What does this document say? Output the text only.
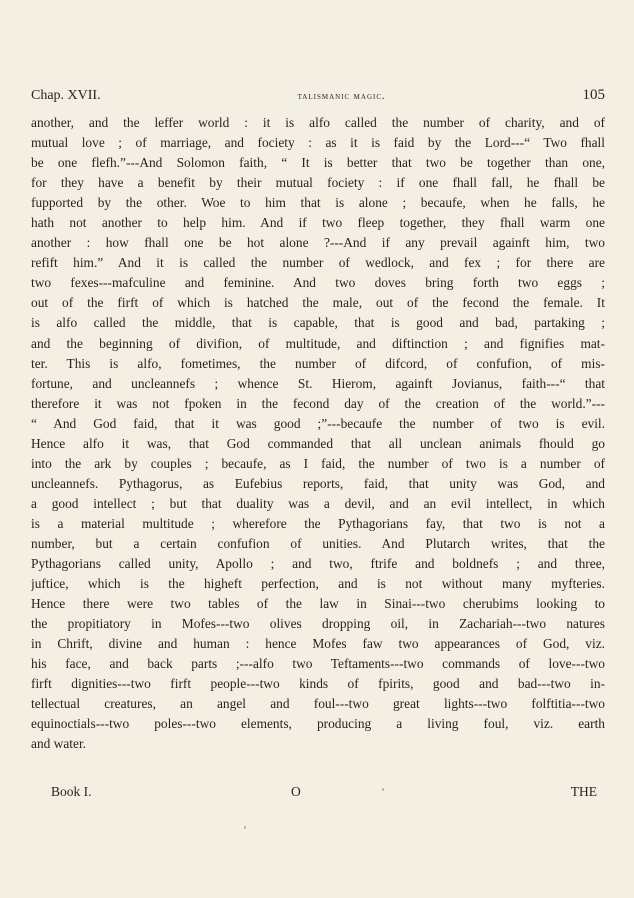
Chap. XVII.	talismanic magic.	105
another, and the leffer world : it is alfo called the number of charity, and of
mutual love ; of marriage, and fociety : as it is faid by the Lord---“ Two fhall
be one flefh.”---And Solomon faith, “ It is better that two be together than one,
for they have a benefit by their mutual fociety : if one fhall fall, he fhall be
fupported by the other. Woe to him that is alone ; becaufe, when he falls, he
hath not another to help him. And if two fleep together, they fhall warm one
another : how fhall one be hot alone ?---And if any prevail againft him, two
refift him.” And it is called the number of wedlock, and fex ; for there are
two fexes---mafculine and feminine. And two doves bring forth two eggs ;
out of the firft of which is hatched the male, out of the fecond the female. It
is alfo called the middle, that is capable, that is good and bad, partaking ;
and the beginning of divifion, of multitude, and diftinction ; and fignifies mat-
ter. This is alfo, fometimes, the number of difcord, of confufion, of mis-
fortune, and uncleannefs ; whence St. Hierom, againft Jovianus, faith---“ that
therefore it was not fpoken in the fecond day of the creation of the world.”---
“ And God faid, that it was good ;”---becaufe the number of two is evil.
Hence alfo it was, that God commanded that all unclean animals fhould go
into the ark by couples ; becaufe, as I faid, the number of two is a number of
uncleannefs. Pythagorus, as Eufebius reports, faid, that unity was God, and
a good intellect ; but that duality was a devil, and an evil intellect, in which
is a material multitude ; wherefore the Pythagorians fay, that two is not a
number, but a certain confufion of unities. And Plutarch writes, that the
Pythagorians called unity, Apollo ; and two, ftrife and boldnefs ; and three,
juftice, which is the higheft perfection, and is not without many myfteries.
Hence there were two tables of the law in Sinai---two cherubims looking to
the propitiatory in Mofes---two olives dropping oil, in Zachariah---two natures
in Chrift, divine and human : hence Mofes faw two appearances of God, viz.
his face, and back parts ;---alfo two Teftaments---two commands of love---two
firft dignities---two firft people---two kinds of fpirits, good and bad---two in-
tellectual creatures, an angel and foul---two great lights---two folftitia---two
equinoctials---two poles---two elements, producing a living foul, viz. earth
and water.
Book I.	O	THE
